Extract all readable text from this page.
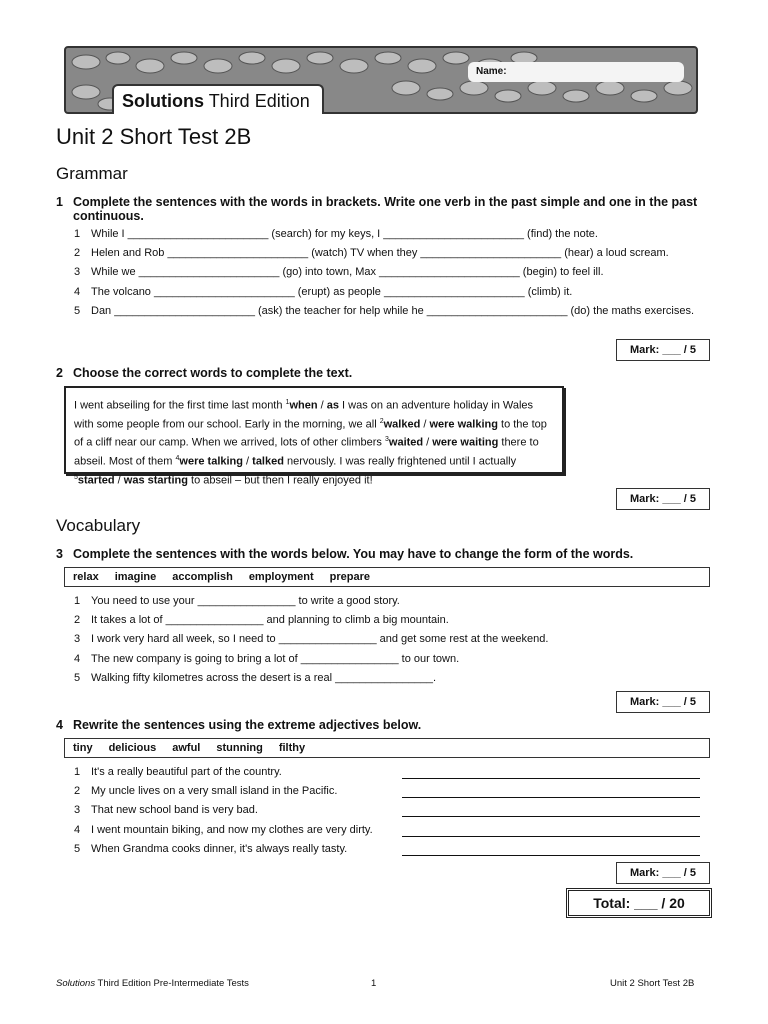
Name:
Solutions Third Edition
Unit 2 Short Test 2B
Grammar
1 Complete the sentences with the words in brackets. Write one verb in the past simple and one in the past continuous.
1 While I _______________________ (search) for my keys, I _______________________ (find) the note.
2 Helen and Rob _______________________ (watch) TV when they _______________________ (hear) a loud scream.
3 While we _______________________ (go) into town, Max _______________________ (begin) to feel ill.
4 The volcano _______________________ (erupt) as people _______________________ (climb) it.
5 Dan _______________________ (ask) the teacher for help while he _______________________ (do) the maths exercises.
Mark: ___ / 5
2 Choose the correct words to complete the text.
I went abseiling for the first time last month $^1$when / as I was on an adventure holiday in Wales with some people from our school. Early in the morning, we all $^2$walked / were walking to the top of a cliff near our camp. When we arrived, lots of other climbers $^3$waited / were waiting there to abseil. Most of them $^4$were talking / talked nervously. I was really frightened until I actually $^5$started / was starting to abseil – but then I really enjoyed it!
Mark: ___ / 5
Vocabulary
3 Complete the sentences with the words below. You may have to change the form of the words.
relax imagine accomplish employment prepare
1 You need to use your ________________ to write a good story.
2 It takes a lot of ________________ and planning to climb a big mountain.
3 I work very hard all week, so I need to ________________ and get some rest at the weekend.
4 The new company is going to bring a lot of ________________ to our town.
5 Walking fifty kilometres across the desert is a real ________________.
Mark: ___ / 5
4 Rewrite the sentences using the extreme adjectives below.
tiny delicious awful stunning filthy
1 It's a really beautiful part of the country.
2 My uncle lives on a very small island in the Pacific.
3 That new school band is very bad.
4 I went mountain biking, and now my clothes are very dirty.
5 When Grandma cooks dinner, it's always really tasty.
Mark: ___ / 5
Total: ___ / 20
Solutions Third Edition Pre-Intermediate Tests	1	Unit 2 Short Test 2B
